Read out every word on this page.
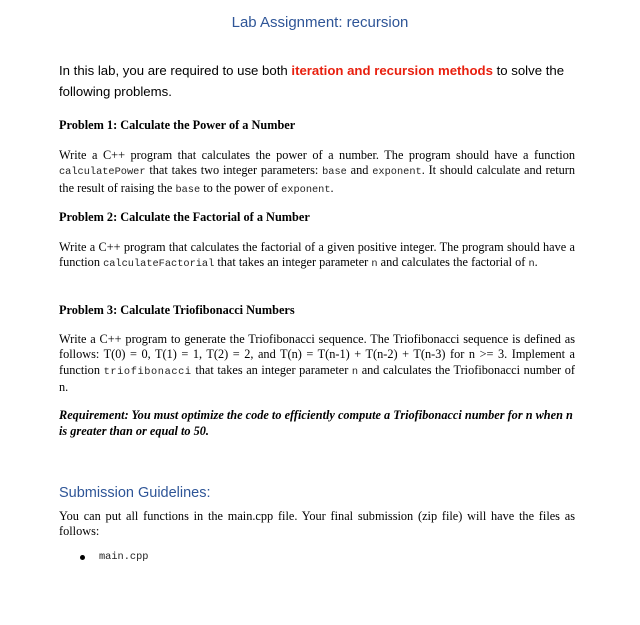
Lab Assignment: recursion
In this lab, you are required to use both iteration and recursion methods to solve the following problems.
Problem 1: Calculate the Power of a Number
Write a C++ program that calculates the power of a number. The program should have a function calculatePower that takes two integer parameters: base and exponent. It should calculate and return the result of raising the base to the power of exponent.
Problem 2: Calculate the Factorial of a Number
Write a C++ program that calculates the factorial of a given positive integer. The program should have a function calculateFactorial that takes an integer parameter n and calculates the factorial of n.
Problem 3: Calculate Triofibonacci Numbers
Write a C++ program to generate the Triofibonacci sequence. The Triofibonacci sequence is defined as follows: T(0) = 0, T(1) = 1, T(2) = 2, and T(n) = T(n-1) + T(n-2) + T(n-3) for n >= 3. Implement a function triofibonacci that takes an integer parameter n and calculates the Triofibonacci number of n.
Requirement: You must optimize the code to efficiently compute a Triofibonacci number for n when n is greater than or equal to 50.
Submission Guidelines:
You can put all functions in the main.cpp file. Your final submission (zip file) will have the files as follows:
main.cpp
